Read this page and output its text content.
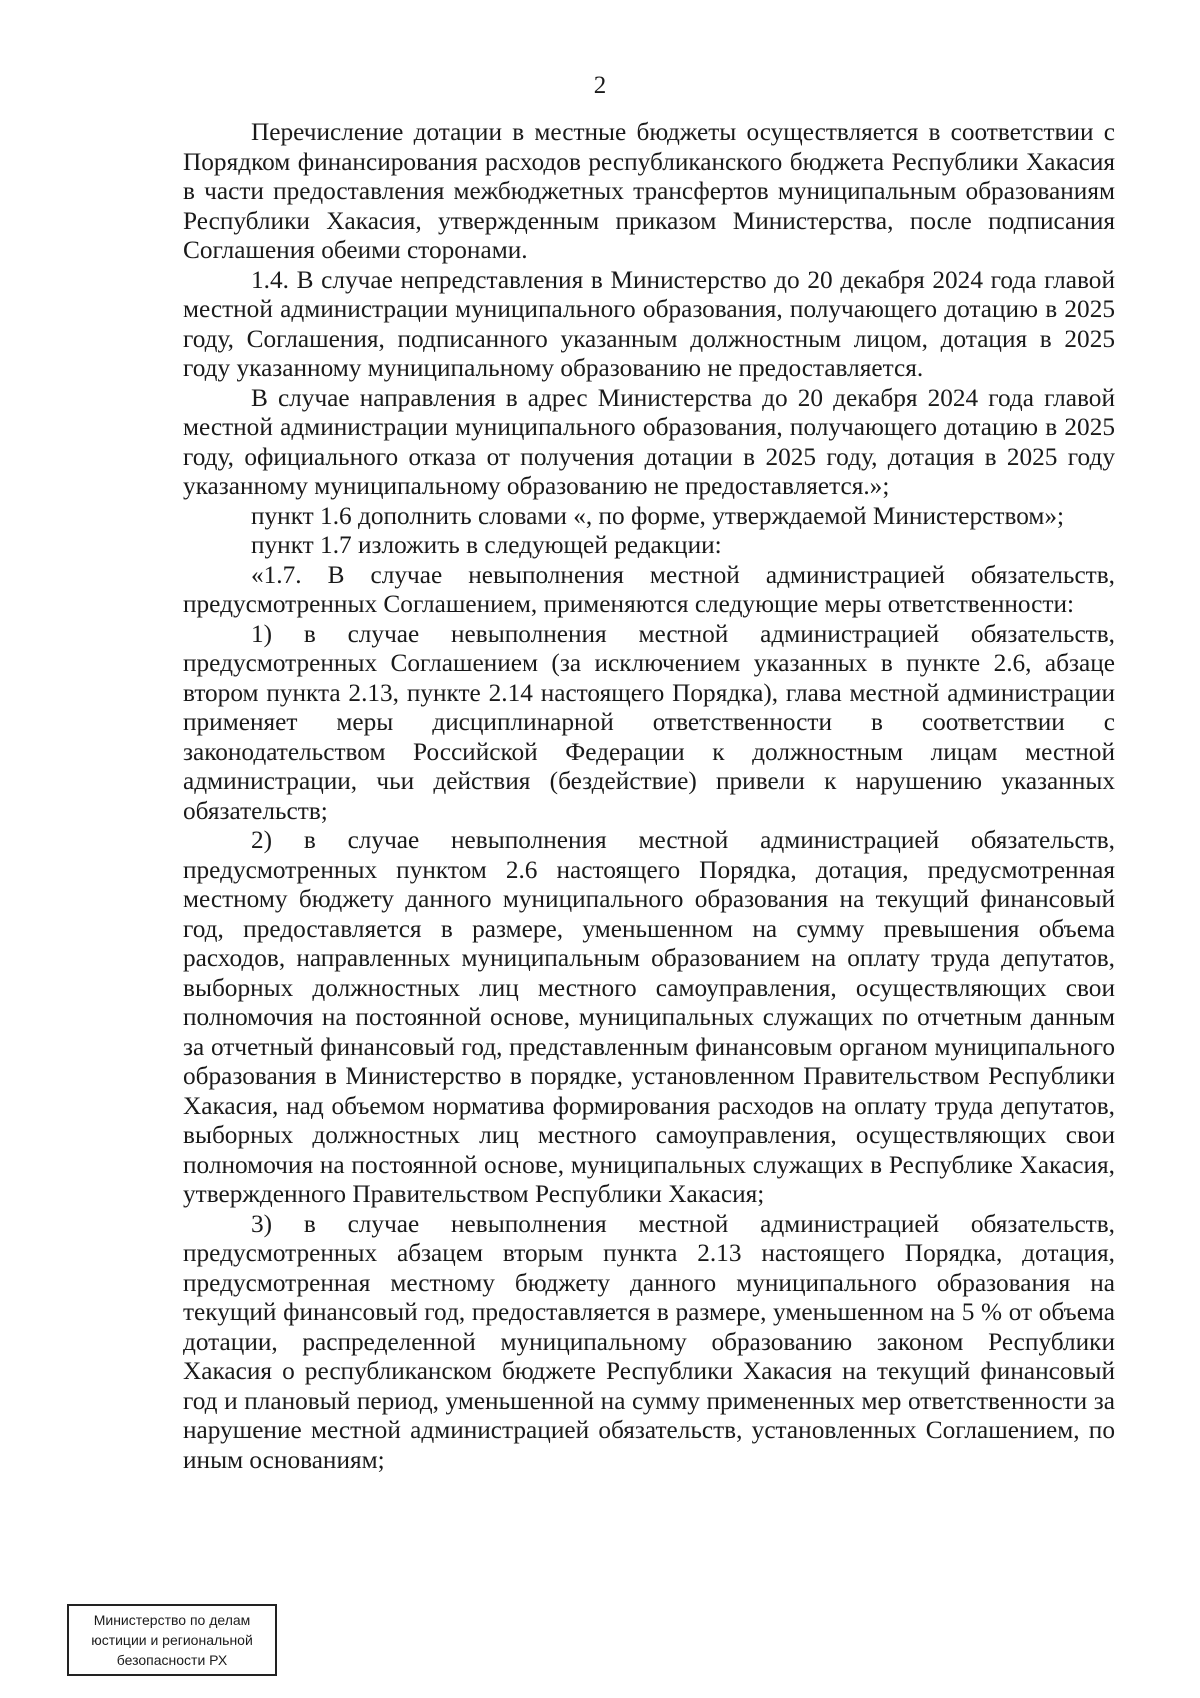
2

Перечисление дотации в местные бюджеты осуществляется в соответствии с Порядком финансирования расходов республиканского бюджета Республики Хакасия в части предоставления межбюджетных трансфертов муниципальным образованиям Республики Хакасия, утвержденным приказом Министерства, после подписания Соглашения обеими сторонами.

1.4. В случае непредставления в Министерство до 20 декабря 2024 года главой местной администрации муниципального образования, получающего дотацию в 2025 году, Соглашения, подписанного указанным должностным лицом, дотация в 2025 году указанному муниципальному образованию не предоставляется.

В случае направления в адрес Министерства до 20 декабря 2024 года главой местной администрации муниципального образования, получающего дотацию в 2025 году, официального отказа от получения дотации в 2025 году, дотация в 2025 году указанному муниципальному образованию не предоставляется.»;

пункт 1.6 дополнить словами «, по форме, утверждаемой Министерством»;

пункт 1.7 изложить в следующей редакции:

«1.7. В случае невыполнения местной администрацией обязательств, предусмотренных Соглашением, применяются следующие меры ответственности:

1) в случае невыполнения местной администрацией обязательств, предусмотренных Соглашением (за исключением указанных в пункте 2.6, абзаце втором пункта 2.13, пункте 2.14 настоящего Порядка), глава местной администрации применяет меры дисциплинарной ответственности в соответствии с законодательством Российской Федерации к должностным лицам местной администрации, чьи действия (бездействие) привели к нарушению указанных обязательств;

2) в случае невыполнения местной администрацией обязательств, предусмотренных пунктом 2.6 настоящего Порядка, дотация, предусмотренная местному бюджету данного муниципального образования на текущий финансовый год, предоставляется в размере, уменьшенном на сумму превышения объема расходов, направленных муниципальным образованием на оплату труда депутатов, выборных должностных лиц местного самоуправления, осуществляющих свои полномочия на постоянной основе, муниципальных служащих по отчетным данным за отчетный финансовый год, представленным финансовым органом муниципального образования в Министерство в порядке, установленном Правительством Республики Хакасия, над объемом норматива формирования расходов на оплату труда депутатов, выборных должностных лиц местного самоуправления, осуществляющих свои полномочия на постоянной основе, муниципальных служащих в Республике Хакасия, утвержденного Правительством Республики Хакасия;

3) в случае невыполнения местной администрацией обязательств, предусмотренных абзацем вторым пункта 2.13 настоящего Порядка, дотация, предусмотренная местному бюджету данного муниципального образования на текущий финансовый год, предоставляется в размере, уменьшенном на 5 % от объема дотации, распределенной муниципальному образованию законом Республики Хакасия о республиканском бюджете Республики Хакасия на текущий финансовый год и плановый период, уменьшенной на сумму примененных мер ответственности за нарушение местной администрацией обязательств, установленных Соглашением, по иным основаниям;

Министерство по делам
юстиции и региональной
безопасности РХ
